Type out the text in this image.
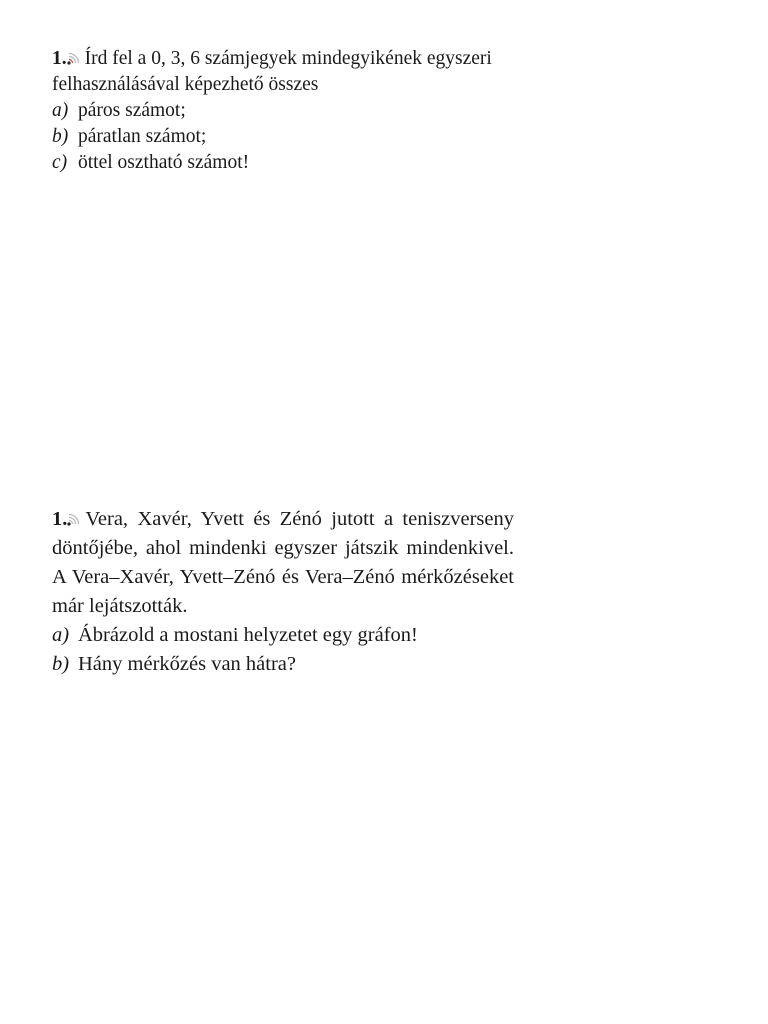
1. Írd fel a 0, 3, 6 számjegyek mindegyikének egyszeri felhasználásával képezhető összes
a) páros számot;
b) páratlan számot;
c) öttel osztható számot!
1. Vera, Xavér, Yvett és Zénó jutott a teniszverseny döntőjébe, ahol mindenki egyszer játszik mindenkivel. A Vera–Xavér, Yvett–Zénó és Vera–Zénó mérkőzéseket már lejátszották.
a) Ábrázold a mostani helyzetet egy gráfon!
b) Hány mérkőzés van hátra?
